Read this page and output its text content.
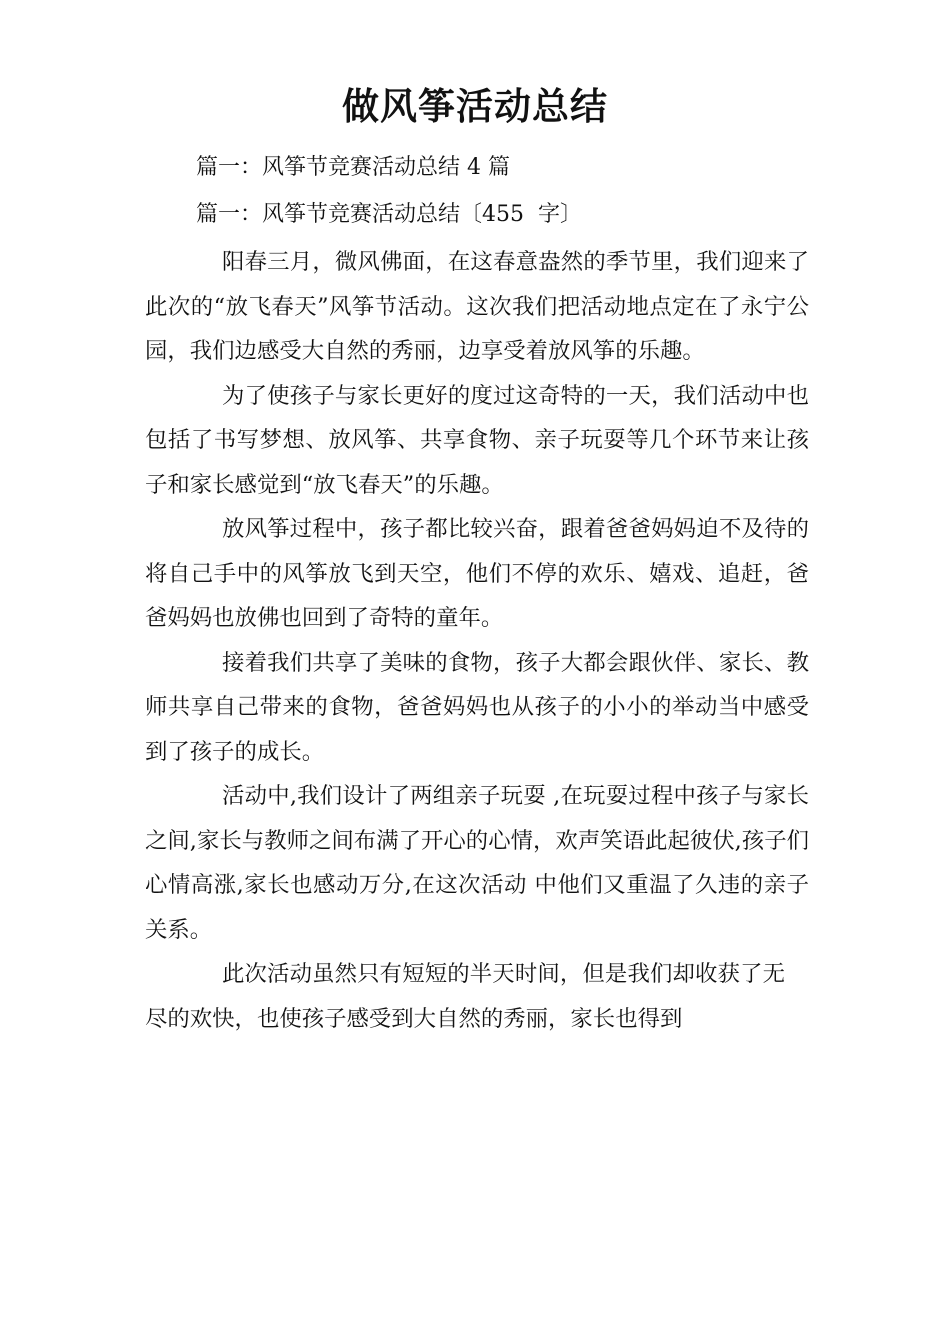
做风筝活动总结

篇一：风筝节竞赛活动总结 4 篇

篇一：风筝节竞赛活动总结〔455  字〕

阳春三月，微风佛面，在这春意盎然的季节里，我们迎来了此次的“放飞春天”风筝节活动。这次我们把活动地点定在了永宁公园，我们边感受大自然的秀丽，边享受着放风筝的乐趣。

为了使孩子与家长更好的度过这奇特的一天，我们活动中也包括了书写梦想、放风筝、共享食物、亲子玩耍等几个环节来让孩子和家长感觉到“放飞春天”的乐趣。

放风筝过程中，孩子都比较兴奋，跟着爸爸妈妈迫不及待的将自己手中的风筝放飞到天空，他们不停的欢乐、嬉戏、追赶，爸爸妈妈也放佛也回到了奇特的童年。

接着我们共享了美味的食物，孩子大都会跟伙伴、家长、教师共享自己带来的食物，爸爸妈妈也从孩子的小小的举动当中感受到了孩子的成长。

活动中,我们设计了两组亲子玩耍 ,在玩耍过程中孩子与家长之间,家长与教师之间布满了开心的心情，欢声笑语此起彼伏,孩子们心情高涨,家长也感动万分,在这次活动 中他们又重温了久违的亲子关系。

此次活动虽然只有短短的半天时间，但是我们却收获了无尽的欢快，也使孩子感受到大自然的秀丽，家长也得到
